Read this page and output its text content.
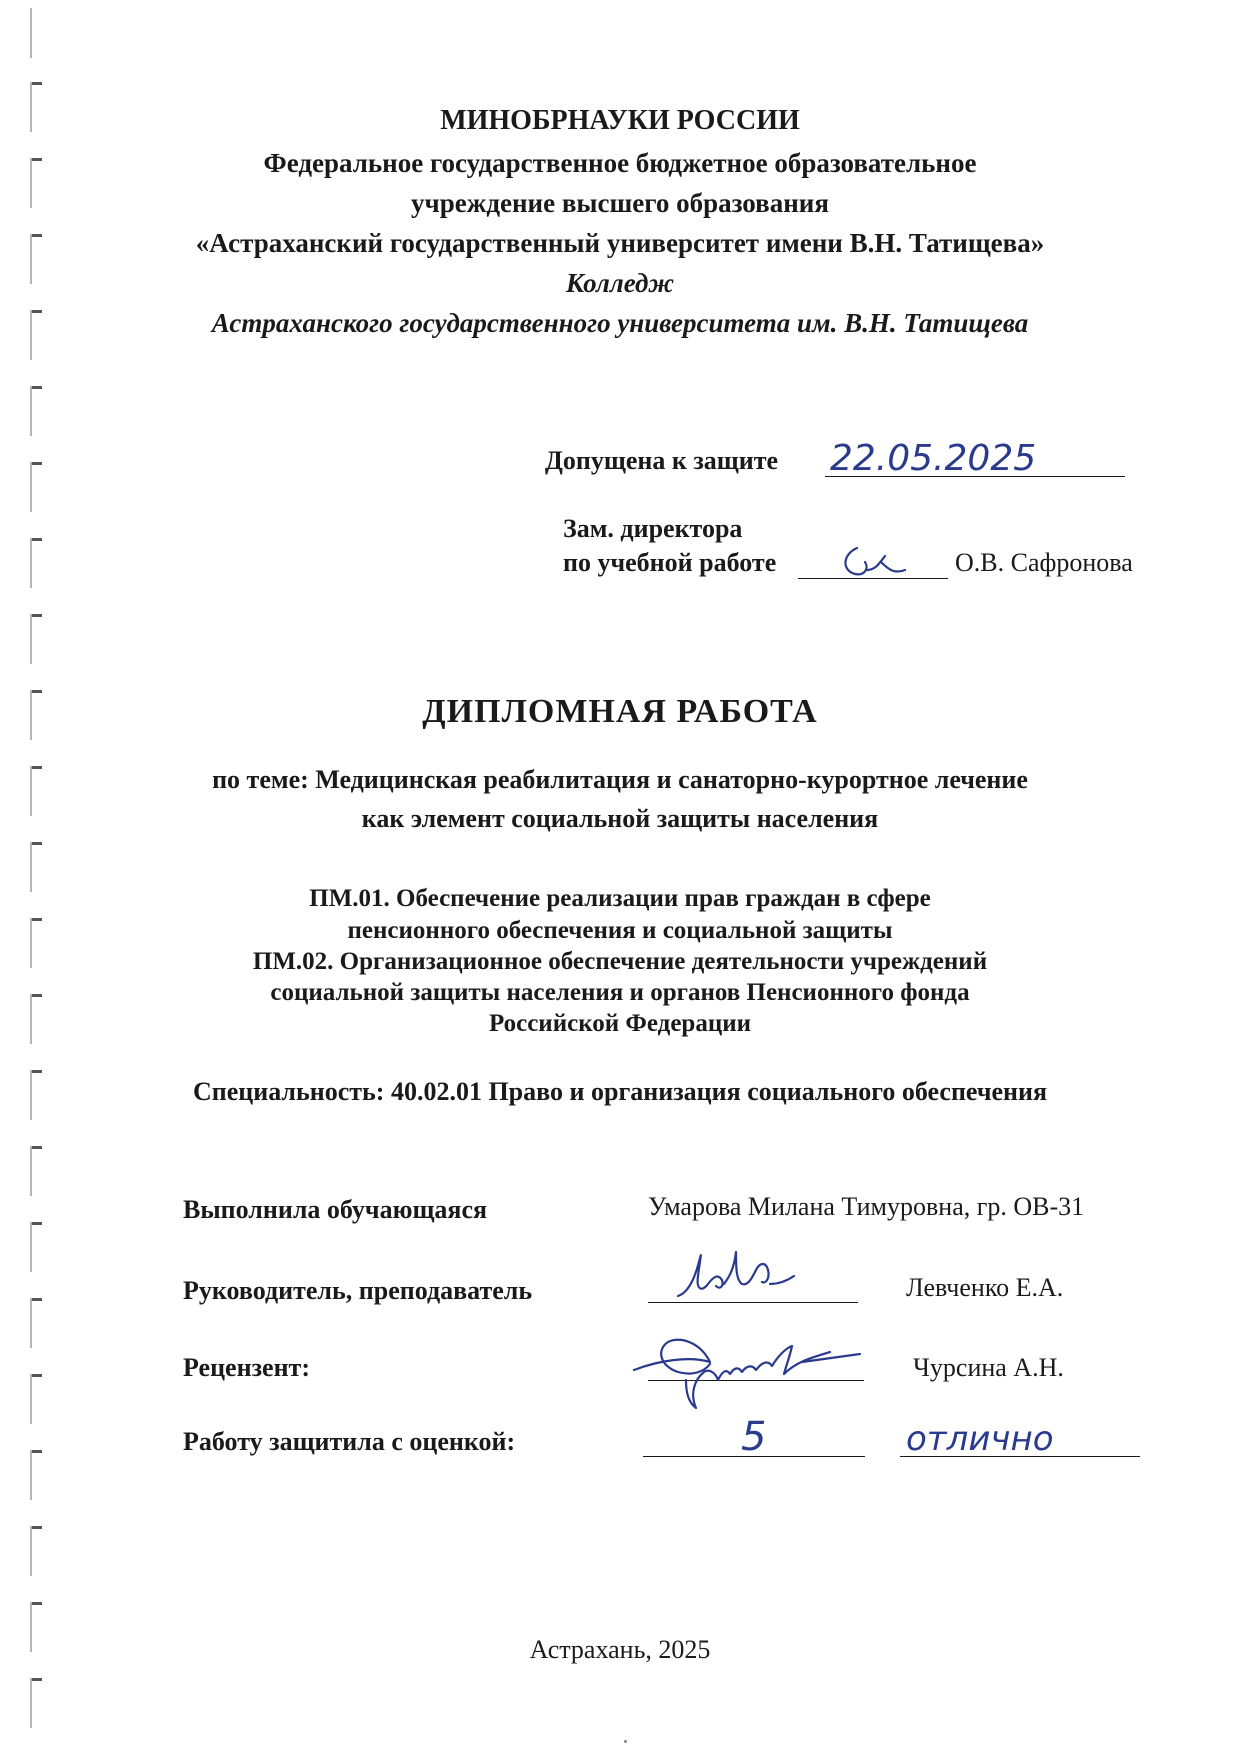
МИНОБРНАУКИ РОССИИ
Федеральное государственное бюджетное образовательное
учреждение высшего образования
«Астраханский государственный университет имени В.Н. Татищева»
Колледж
Астраханского государственного университета им. В.Н. Татищева
Допущена к защите 22.05.2025
Зам. директора
по учебной работе	О.В. Сафронова
ДИПЛОМНАЯ РАБОТА
по теме: Медицинская реабилитация и санаторно-курортное лечение
как элемент социальной защиты населения
ПМ.01. Обеспечение реализации прав граждан в сфере
пенсионного обеспечения и социальной защиты
ПМ.02. Организационное обеспечение деятельности учреждений
социальной защиты населения и органов Пенсионного фонда
Российской Федерации
Специальность: 40.02.01 Право и организация социального обеспечения
Выполнила обучающаяся	Умарова Милана Тимуровна, гр. ОВ-31
Руководитель, преподаватель	Левченко Е.А.
Рецензент:	Чурсина А.Н.
Работу защитила с оценкой:	5	отлично
Астрахань, 2025
